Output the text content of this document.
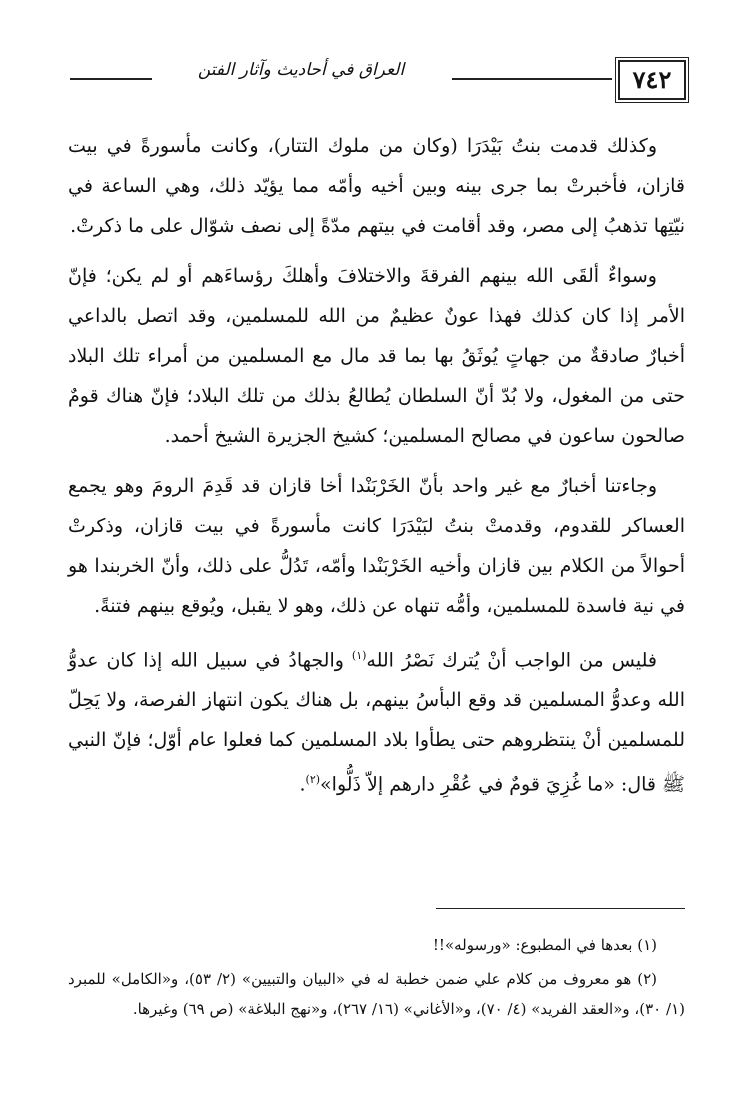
العراق في أحاديث وآثار الفتن	٧٤٢

وكذلك قدمت بنتُ بَيْدَرَا (وكان من ملوك التتار)، وكانت مأسورةً في بيت قازان، فأخبرتْ بما جرى بينه وبين أخيه وأمّه مما يؤيّد ذلك، وهي الساعة في نيّتِها تذهبُ إلى مصر، وقد أقامت في بيتهم مدّةً إلى نصف شوّال على ما ذكرتْ.

وسواءٌ ألقَى الله بينهم الفرقةَ والاختلافَ وأهلكَ رؤساءَهم أو لم يكن؛ فإنّ الأمر إذا كان كذلك فهذا عونٌ عظيمٌ من الله للمسلمين، وقد اتصل بالداعي أخبارٌ صادقةٌ من جهاتٍ يُوثَقُ بها بما قد مال مع المسلمين من أمراء تلك البلاد حتى من المغول، ولا بُدّ أنّ السلطان يُطالعُ بذلك من تلك البلاد؛ فإنّ هناك قومٌ صالحون ساعون في مصالح المسلمين؛ كشيخ الجزيرة الشيخ أحمد.

وجاءتنا أخبارٌ مع غير واحد بأنّ الخَرْبَنْدا أخا قازان قد قَدِمَ الرومَ وهو يجمع العساكر للقدوم، وقدمتْ بنتُ لبَيْدَرَا كانت مأسورةً في بيت قازان، وذكرتْ أحوالاً من الكلام بين قازان وأخيه الخَرْبَنْدا وأمّه، تَدُلُّ على ذلك، وأنّ الخربندا هو في نية فاسدة للمسلمين، وأمُّه تنهاه عن ذلك، وهو لا يقبل، ويُوقع بينهم فتنةً.

فليس من الواجب أنْ يُترك نَصْرُ الله$^{(١)}$ والجهادُ في سبيل الله إذا كان عدوُّ الله وعدوُّ المسلمين قد وقع البأسُ بينهم، بل هناك يكون انتهاز الفرصة، ولا يَحِلّ للمسلمين أنْ ينتظروهم حتى يطأوا بلاد المسلمين كما فعلوا عام أوّل؛ فإنّ النبي ﷺ قال: «ما غُزِيَ قومٌ في عُقْرِ دارهم إلاّ ذَلُّوا»$^{(٢)}$.

(١) بعدها في المطبوع: «ورسوله»!!

(٢) هو معروف من كلام علي ضمن خطبة له في «البيان والتبيين» (٢/ ٥٣)، و«الكامل» للمبرد (١/ ٣٠)، و«العقد الفريد» (٤/ ٧٠)، و«الأغاني» (١٦/ ٢٦٧)، و«نهج البلاغة» (ص ٦٩) وغيرها.
